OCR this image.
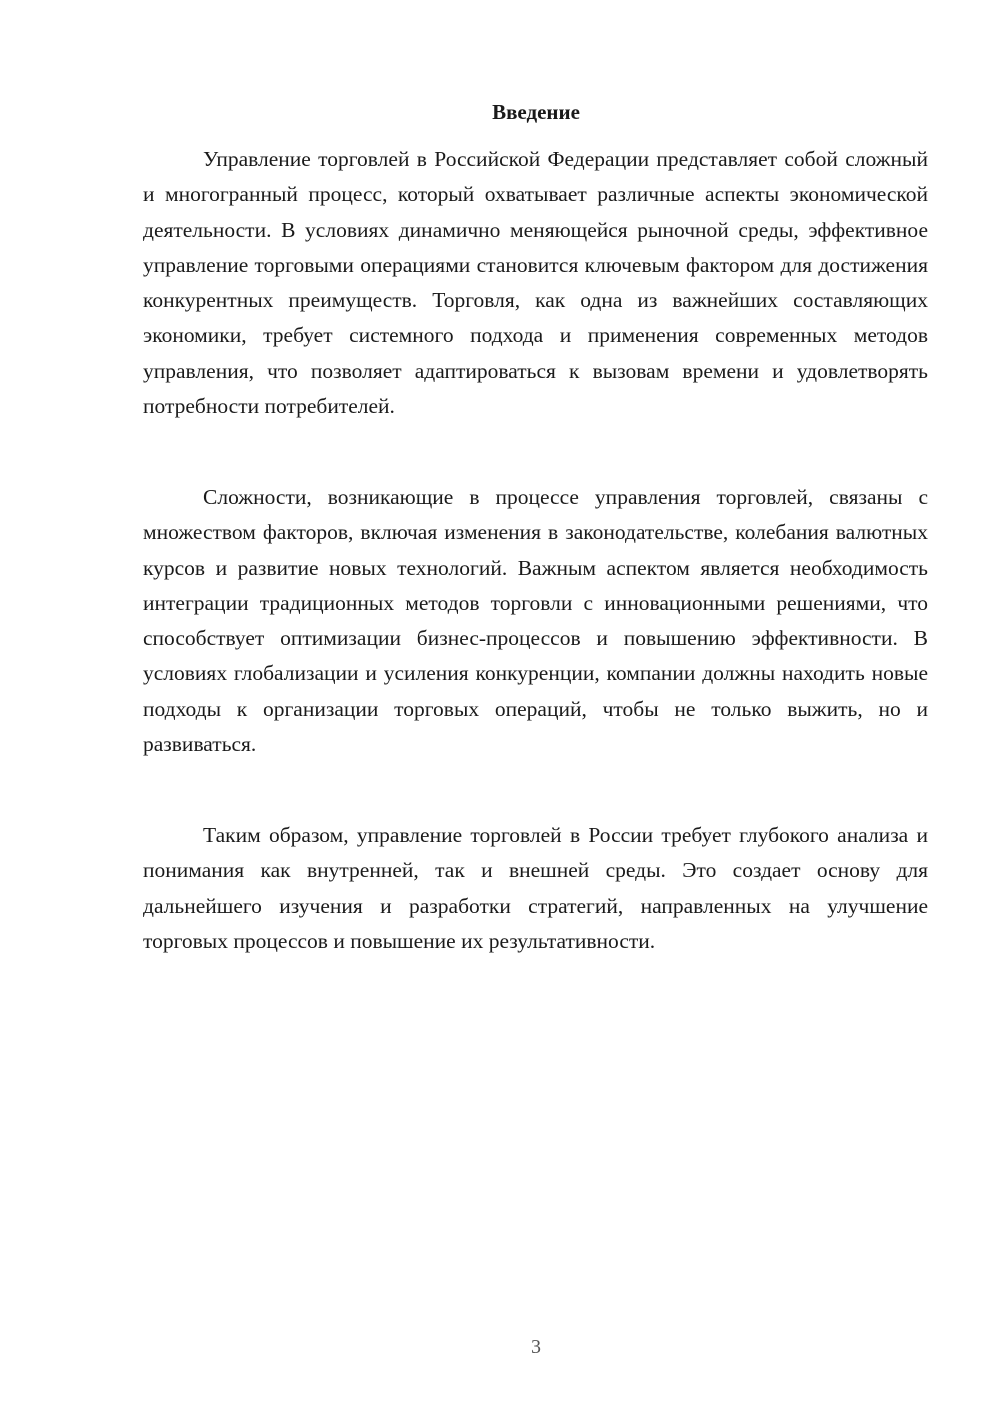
Введение

Управление торговлей в Российской Федерации представляет собой сложный и многогранный процесс, который охватывает различные аспекты экономической деятельности. В условиях динамично меняющейся рыночной среды, эффективное управление торговыми операциями становится ключевым фактором для достижения конкурентных преимуществ. Торговля, как одна из важнейших составляющих экономики, требует системного подхода и применения современных методов управления, что позволяет адаптироваться к вызовам времени и удовлетворять потребности потребителей.

Сложности, возникающие в процессе управления торговлей, связаны с множеством факторов, включая изменения в законодательстве, колебания валютных курсов и развитие новых технологий. Важным аспектом является необходимость интеграции традиционных методов торговли с инновационными решениями, что способствует оптимизации бизнес-процессов и повышению эффективности. В условиях глобализации и усиления конкуренции, компании должны находить новые подходы к организации торговых операций, чтобы не только выжить, но и развиваться.

Таким образом, управление торговлей в России требует глубокого анализа и понимания как внутренней, так и внешней среды. Это создает основу для дальнейшего изучения и разработки стратегий, направленных на улучшение торговых процессов и повышение их результативности.

3
